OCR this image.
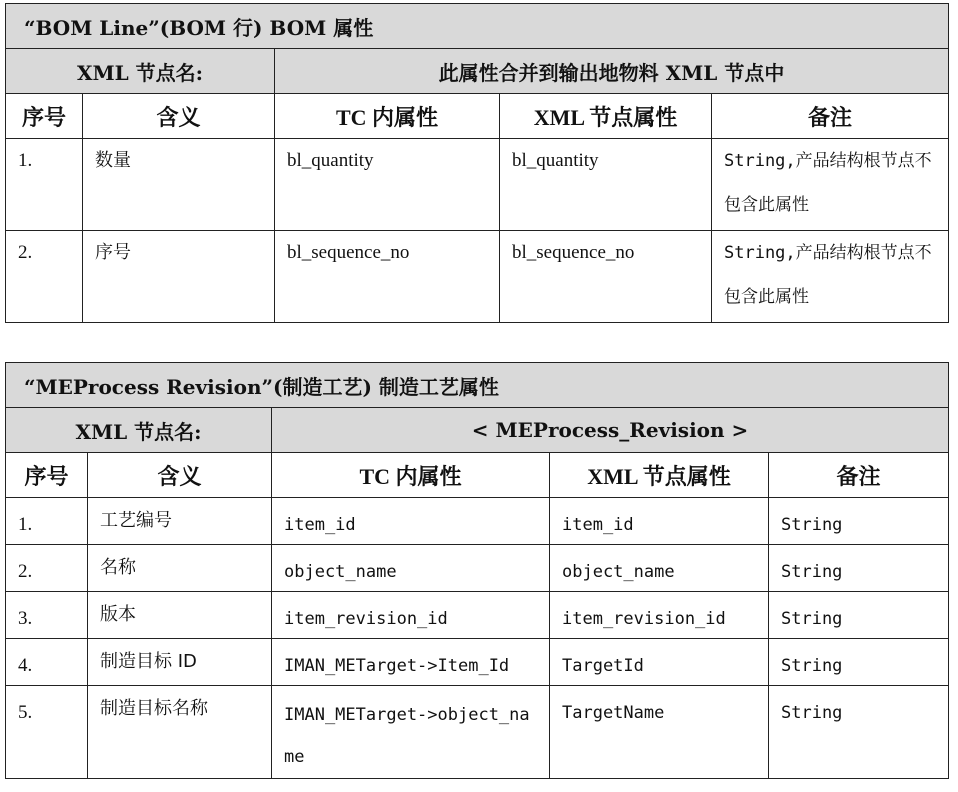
“BOM Line”(BOM 行) BOM 属性				
XML 节点名:		此属性合并到输出地物料 XML 节点中		
序号	含义	TC 内属性	XML 节点属性	备注
1.	数量	bl_quantity	bl_quantity	String,产品结构根节点不包含此属性
2.	序号	bl_sequence_no	bl_sequence_no	String,产品结构根节点不包含此属性
“MEProcess Revision”(制造工艺) 制造工艺属性				
XML 节点名:		< MEProcess_Revision >		
序号	含义	TC 内属性	XML 节点属性	备注
1.	工艺编号	item_id	item_id	String
2.	名称	object_name	object_name	String
3.	版本	item_revision_id	item_revision_id	String
4.	制造目标 ID	IMAN_METarget->Item_Id	TargetId	String
5.	制造目标名称	IMAN_METarget->object_name	TargetName	String
